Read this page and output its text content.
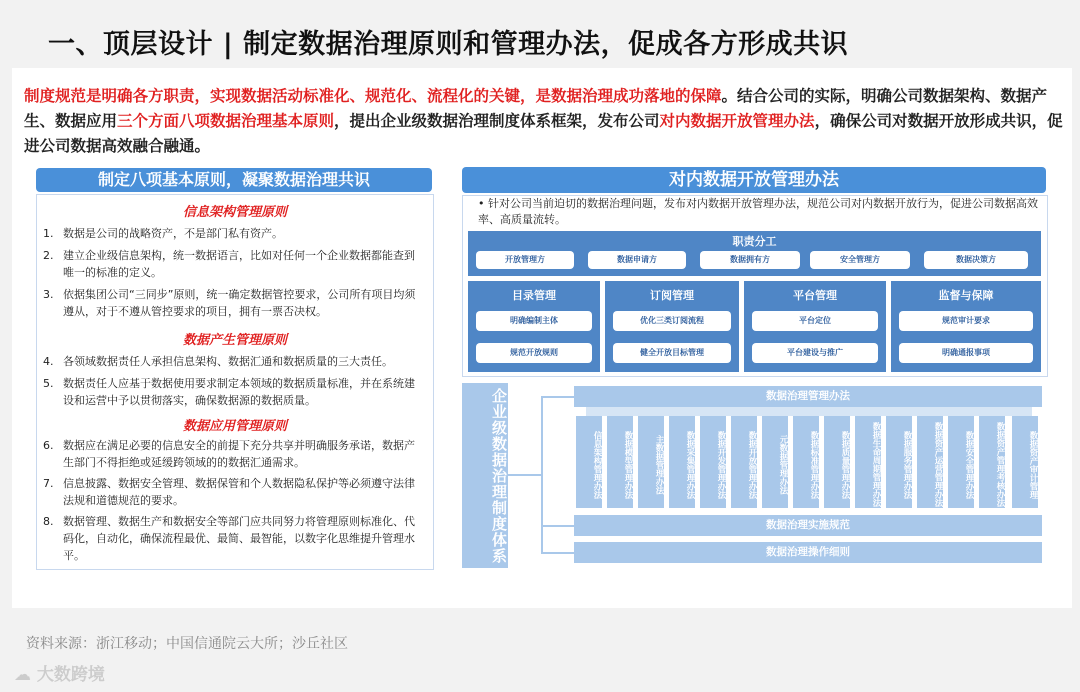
一、顶层设计 | 制定数据治理原则和管理办法，促成各方形成共识
制度规范是明确各方职责，实现数据活动标准化、规范化、流程化的关键，是数据治理成功落地的保障。结合公司的实际，明确公司数据架构、数据产生、数据应用三个方面八项数据治理基本原则，提出企业级数据治理制度体系框架，发布公司对内数据开放管理办法，确保公司对数据开放形成共识，促进公司数据高效融合融通。
制定八项基本原则，凝聚数据治理共识
信息架构管理原则
1. 数据是公司的战略资产，不是部门私有资产。
2. 建立企业级信息架构，统一数据语言，比如对任何一个企业数据都能查到唯一的标准的定义。
3. 依据集团公司“三同步”原则，统一确定数据管控要求，公司所有项目均须遵从，对于不遵从管控要求的项目，拥有一票否决权。
数据产生管理原则
4. 各领域数据责任人承担信息架构、数据汇通和数据质量的三大责任。
5. 数据责任人应基于数据使用要求制定本领域的数据质量标准，并在系统建设和运营中予以贯彻落实，确保数据源的数据质量。
数据应用管理原则
6. 数据应在满足必要的信息安全的前提下充分共享并明确服务承诺，数据产生部门不得拒绝或延缓跨领域的的数据汇通需求。
7. 信息披露、数据安全管理、数据保管和个人数据隐私保护等必须遵守法律法规和道德规范的要求。
8. 数据管理、数据生产和数据安全等部门应共同努力将管理原则标准化、代码化，自动化，确保流程最优、最简、最智能，以数字化思维提升管理水平。
对内数据开放管理办法
• 针对公司当前迫切的数据治理问题，发布对内数据开放管理办法，规范公司对内数据开放行为，促进公司数据高效率、高质量流转。
职责分工
开放管理方	数据申请方	数据拥有方	安全管理方	数据决策方
目录管理
明确编制主体
规范开放规则
订阅管理
优化三类订阅流程
健全开放目标管理
平台管理
平台定位
平台建设与推广
监督与保障
规范审计要求
明确通报事项
企业级数据治理制度体系	数据治理管理办法
信息架构管理办法	数据模型管理办法	主数据管理办法	数据采集管理办法	数据开发管理办法	数据开放管理办法	元数据管理办法	数据标准管理办法	数据质量管理办法	数据生命周期管理办法	数据服务管理办法	数据资产运营管理办法	数据安全管理办法	数据资产管理考核办法	数据资产审计管理
数据治理实施规范
数据治理操作细则
资料来源：浙江移动；中国信通院云大所；沙丘社区
☁ 大数跨境
